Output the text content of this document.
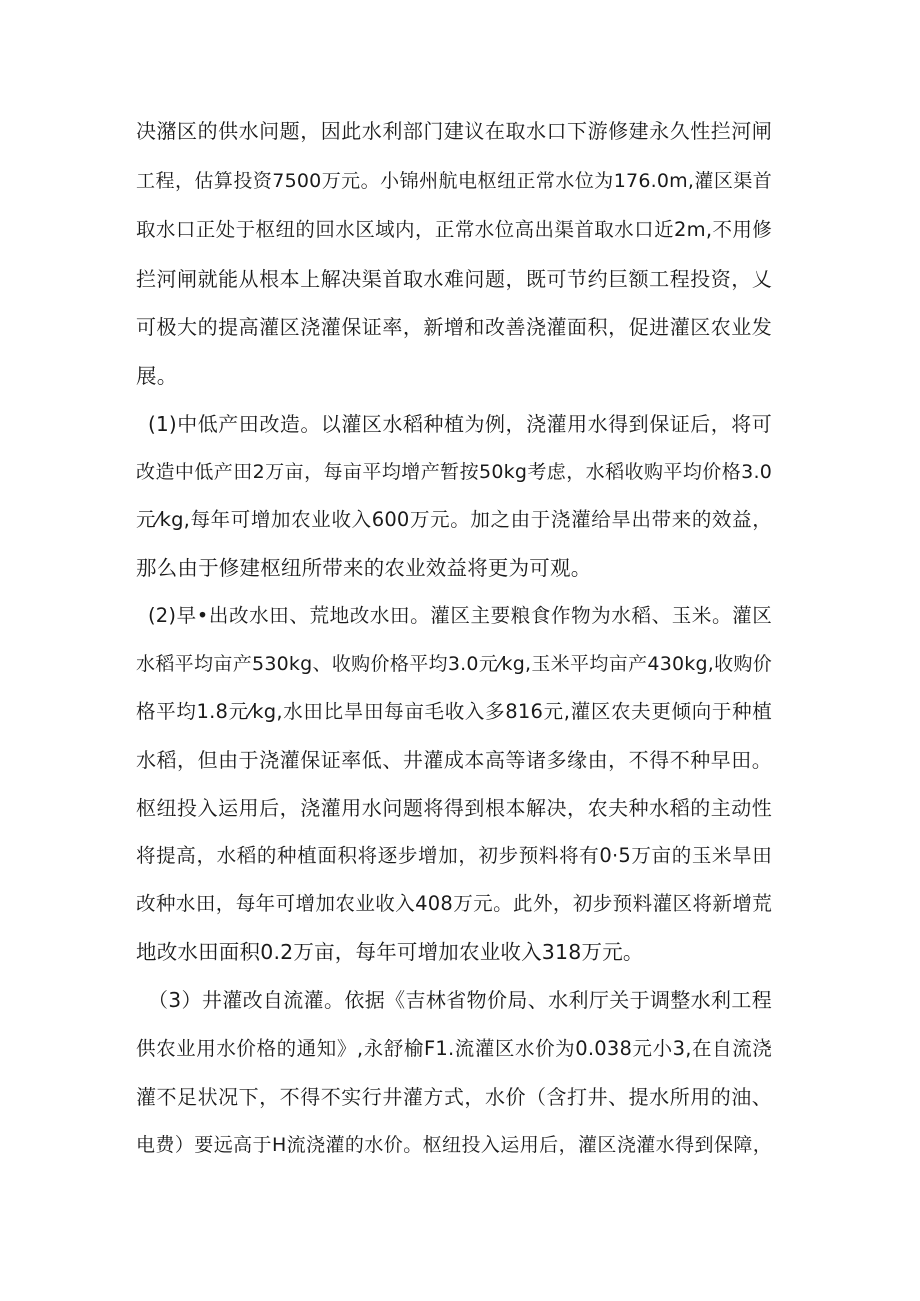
决潴区的供水问题，因此水利部门建议在取水口下游修建永久性拦河闸
工程，估算投资7500万元。小锦州航电枢纽正常水位为176.0m,灌区渠首
取水口正处于枢纽的回水区域内，正常水位高出渠首取水口近2m,不用修
拦河闸就能从根本上解决渠首取水难问题，既可节约巨额工程投资，乂
可极大的提高灌区浇灌保证率，新增和改善浇灌面积，促进灌区农业发
展。
(1)中低产田改造。以灌区水稻种植为例，浇灌用水得到保证后，将可
改造中低产田2万亩，每亩平均增产暂按50kg考虑，水稻收购平均价格3.0
元⁄kg,每年可增加农业收入600万元。加之由于浇灌给旱出带来的效益，
那么由于修建枢纽所带来的农业效益将更为可观。
(2)早•出改水田、荒地改水田。灌区主要粮食作物为水稻、玉米。灌区
水稻平均亩产530kg、收购价格平均3.0元⁄kg,玉米平均亩产430kg,收购价
格平均1.8元⁄kg,水田比旱田每亩毛收入多816元,灌区农夫更倾向于种植
水稻，但由于浇灌保证率低、井灌成本高等诸多缘由，不得不种早田。
枢纽投入运用后，浇灌用水问题将得到根本解决，农夫种水稻的主动性
将提高，水稻的种植面积将逐步增加，初步预料将有0·5万亩的玉米旱田
改种水田，每年可增加农业收入408万元。此外，初步预料灌区将新增荒
地改水田面积0.2万亩，每年可增加农业收入318万元。
（3）井灌改自流灌。依据《吉林省物价局、水利厅关于调整水利工程
供农业用水价格的通知》,永舒榆F1.流灌区水价为0.038元小3,在自流浇
灌不足状况下，不得不实行井灌方式，水价（含打井、提水所用的油、
电费）要远高于H流浇灌的水价。枢纽投入运用后，灌区浇灌水得到保障，
